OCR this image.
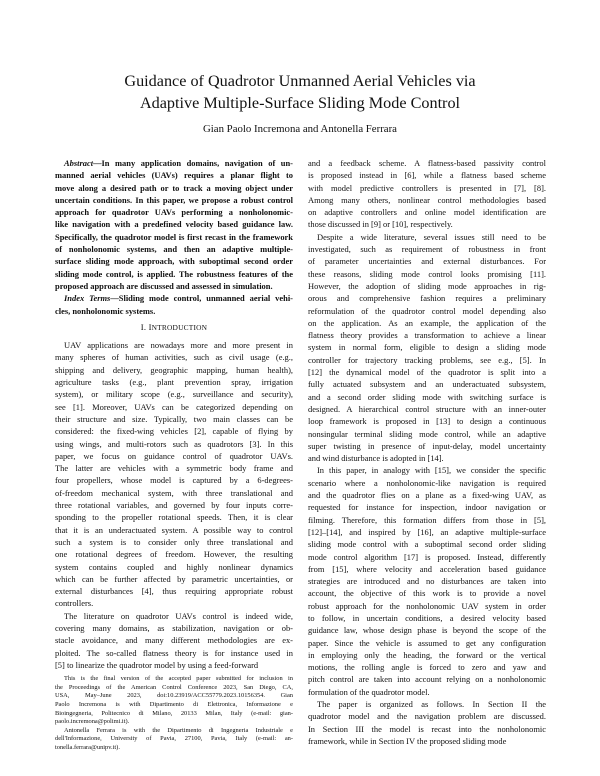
Guidance of Quadrotor Unmanned Aerial Vehicles via
Adaptive Multiple-Surface Sliding Mode Control
Gian Paolo Incremona and Antonella Ferrara
Abstract—In many application domains, navigation of un-
manned aerial vehicles (UAVs) requires a planar flight to
move along a desired path or to track a moving object under
uncertain conditions. In this paper, we propose a robust control
approach for quadrotor UAVs performing a nonholonomic-
like navigation with a predefined velocity based guidance law.
Specifically, the quadrotor model is first recast in the framework
of nonholonomic systems, and then an adaptive multiple-
surface sliding mode approach, with suboptimal second order
sliding mode control, is applied. The robustness features of the
proposed approach are discussed and assessed in simulation.
Index Terms—Sliding mode control, unmanned aerial vehi-
cles, nonholonomic systems.
I. INTRODUCTION
UAV applications are nowadays more and more present in
many spheres of human activities, such as civil usage (e.g.,
shipping and delivery, geographic mapping, human health),
agriculture tasks (e.g., plant prevention spray, irrigation
system), or military scope (e.g., surveillance and security),
see [1]. Moreover, UAVs can be categorized depending on
their structure and size. Typically, two main classes can be
considered: the fixed-wing vehicles [2], capable of flying by
using wings, and multi-rotors such as quadrotors [3]. In this
paper, we focus on guidance control of quadrotor UAVs.
The latter are vehicles with a symmetric body frame and
four propellers, whose model is captured by a 6-degrees-
of-freedom mechanical system, with three translational and
three rotational variables, and governed by four inputs corre-
sponding to the propeller rotational speeds. Then, it is clear
that it is an underactuated system. A possible way to control
such a system is to consider only three translational and
one rotational degrees of freedom. However, the resulting
system contains coupled and highly nonlinear dynamics
which can be further affected by parametric uncertainties, or
external disturbances [4], thus requiring appropriate robust
controllers.
The literature on quadrotor UAVs control is indeed wide,
covering many domains, as stabilization, navigation or ob-
stacle avoidance, and many different methodologies are ex-
ploited. The so-called flatness theory is for instance used in
[5] to linearize the quadrotor model by using a feed-forward
This is the final version of the accepted paper submitted for inclusion in
the Proceedings of the American Control Conference 2023, San Diego, CA,
USA, May–June 2023, doi:10.23919/ACC55779.2023.10156354. Gian
Paolo Incremona is with Dipartimento di Elettronica, Informazione e
Bioingegneria, Politecnico di Milano, 20133 Milan, Italy (e-mail: gian-
paolo.incremona@polimi.it).
Antonella Ferrara is with the Dipartimento di Ingegneria Industriale e
dell'Informazione, University of Pavia, 27100, Pavia, Italy (e-mail: an-
tonella.ferrara@unipv.it).
and a feedback scheme. A flatness-based passivity control
is proposed instead in [6], while a flatness based scheme
with model predictive controllers is presented in [7], [8].
Among many others, nonlinear control methodologies based
on adaptive controllers and online model identification are
those discussed in [9] or [10], respectively.
Despite a wide literature, several issues still need to be
investigated, such as requirement of robustness in front
of parameter uncertainties and external disturbances. For
these reasons, sliding mode control looks promising [11].
However, the adoption of sliding mode approaches in rig-
orous and comprehensive fashion requires a preliminary
reformulation of the quadrotor control model depending also
on the application. As an example, the application of the
flatness theory provides a transformation to achieve a linear
system in normal form, eligible to design a sliding mode
controller for trajectory tracking problems, see e.g., [5]. In
[12] the dynamical model of the quadrotor is split into a
fully actuated subsystem and an underactuated subsystem,
and a second order sliding mode with switching surface is
designed. A hierarchical control structure with an inner-outer
loop framework is proposed in [13] to design a continuous
nonsingular terminal sliding mode control, while an adaptive
super twisting in presence of input-delay, model uncertainty
and wind disturbance is adopted in [14].
In this paper, in analogy with [15], we consider the specific
scenario where a nonholonomic-like navigation is required
and the quadrotor flies on a plane as a fixed-wing UAV, as
requested for instance for inspection, indoor navigation or
filming. Therefore, this formation differs from those in [5],
[12]–[14], and inspired by [16], an adaptive multiple-surface
sliding mode control with a suboptimal second order sliding
mode control algorithm [17] is proposed. Instead, differently
from [15], where velocity and acceleration based guidance
strategies are introduced and no disturbances are taken into
account, the objective of this work is to provide a novel
robust approach for the nonholonomic UAV system in order
to follow, in uncertain conditions, a desired velocity based
guidance law, whose design phase is beyond the scope of the
paper. Since the vehicle is assumed to get any configuration
in employing only the heading, the forward or the vertical
motions, the rolling angle is forced to zero and yaw and
pitch control are taken into account relying on a nonholonomic
formulation of the quadrotor model.
The paper is organized as follows. In Section II the
quadrotor model and the navigation problem are discussed.
In Section III the model is recast into the nonholonomic
framework, while in Section IV the proposed sliding mode
